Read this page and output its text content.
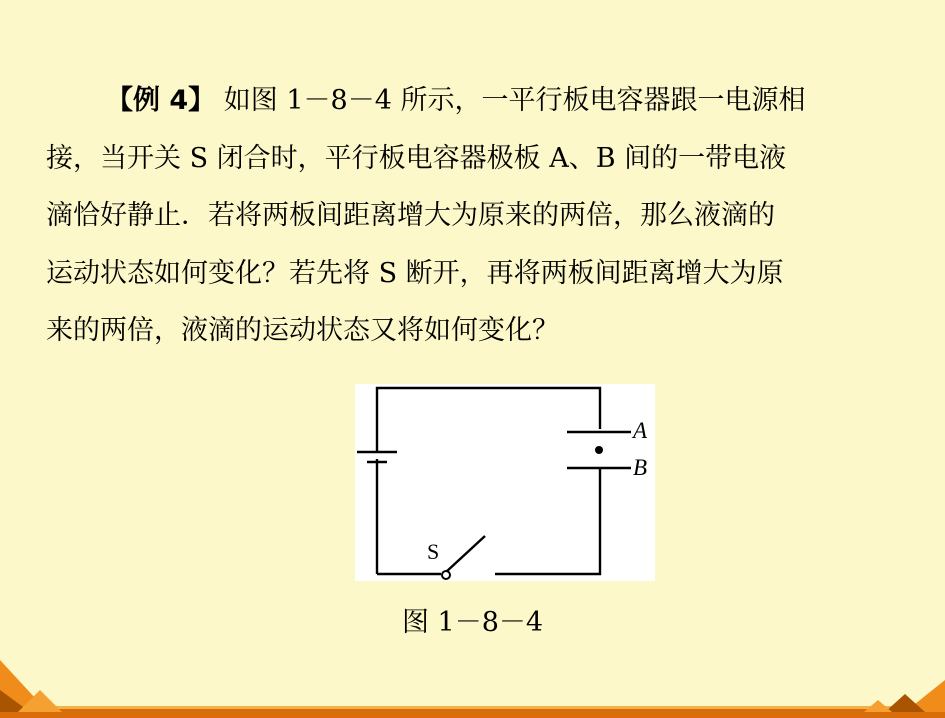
【例 4】 如图 1－8－4 所示，一平行板电容器跟一电源相
接，当开关 S 闭合时，平行板电容器极板 A、B 间的一带电液
滴恰好静止．若将两板间距离增大为原来的两倍，那么液滴的
运动状态如何变化？若先将 S 断开，再将两板间距离增大为原
来的两倍，液滴的运动状态又将如何变化？
S
A
B
图 1－8－4
